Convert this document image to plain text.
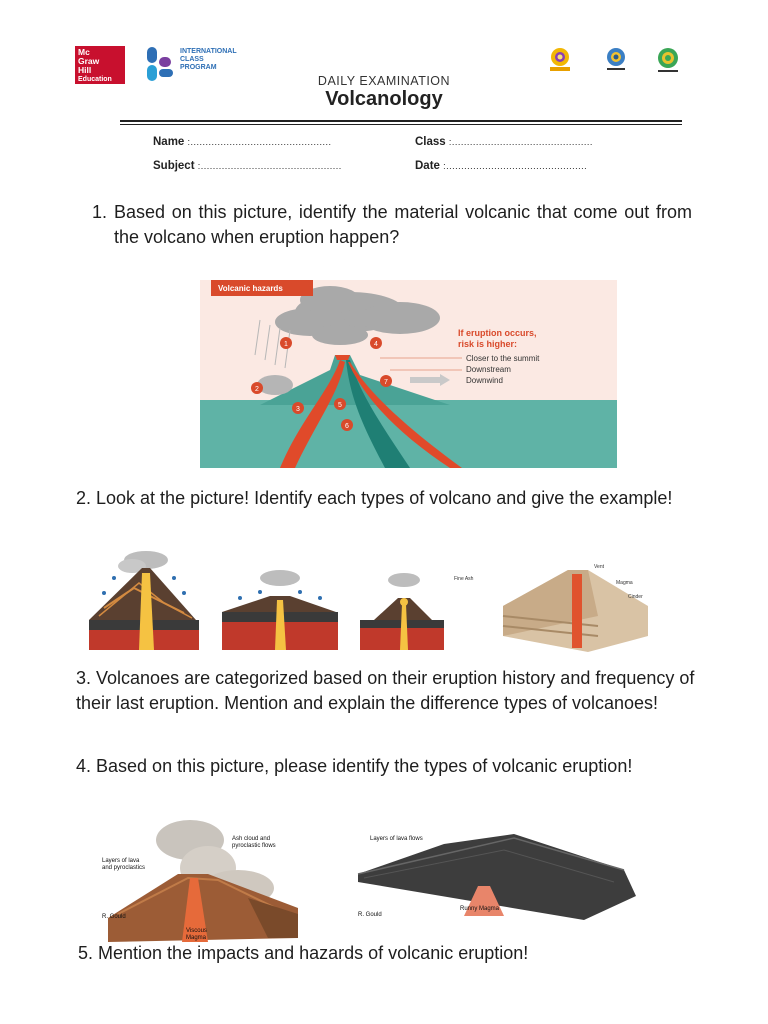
Mc
Graw
Hill
Education
INTERNATIONAL
CLASS
PROGRAM
DAILY EXAMINATION
Volcanology
Name :...............................................	Class :...............................................
Subject :...............................................	Date :...............................................
1. Based on this picture, identify the material volcanic that come out from the volcano when eruption happen?
1
2
3
4
5
6
7
Volcanic hazards
If eruption occurs,
risk is higher:
Closer to the summit
Downstream
Downwind
2. Look at the picture! Identify each types of volcano and give the example!
Fine Ash
Vent
Magma
Cinder
3. Volcanoes are categorized based on their eruption history and frequency of their last eruption. Mention and explain the difference types of volcanoes!
4. Based on this picture, please identify the types of volcanic eruption!
Ash cloud and
pyroclastic flows
Layers of lava
and pyroclastics
R. Gould
Viscous
Magma
Layers of lava flows
R. Gould
Runny Magma
5. Mention the impacts and hazards of volcanic eruption!
